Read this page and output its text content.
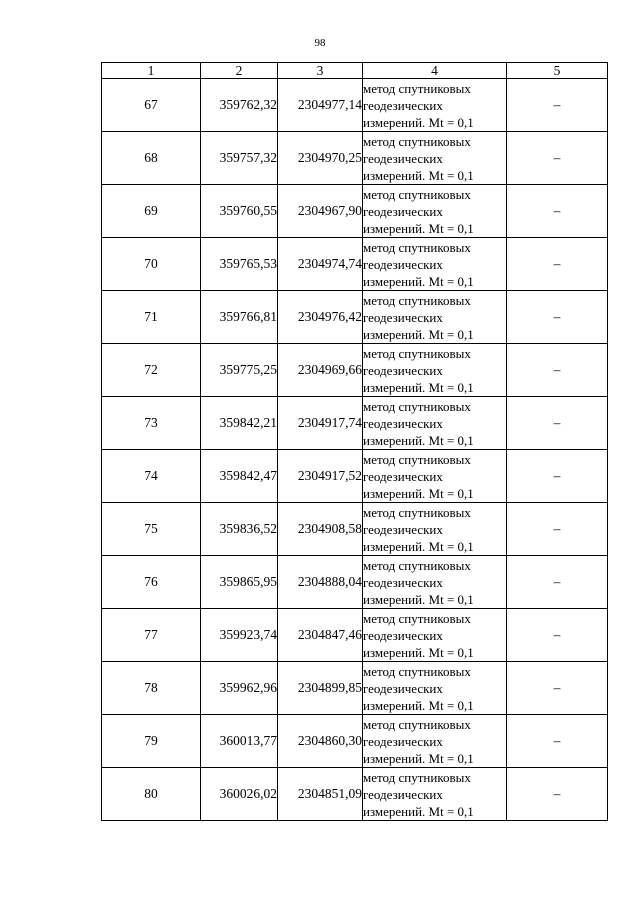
98
1	2	3	4	5
67	359762,32	2304977,14	метод спутниковых
геодезических
измерений. Mt = 0,1	–
68	359757,32	2304970,25	метод спутниковых
геодезических
измерений. Mt = 0,1	–
69	359760,55	2304967,90	метод спутниковых
геодезических
измерений. Mt = 0,1	–
70	359765,53	2304974,74	метод спутниковых
геодезических
измерений. Mt = 0,1	–
71	359766,81	2304976,42	метод спутниковых
геодезических
измерений. Mt = 0,1	–
72	359775,25	2304969,66	метод спутниковых
геодезических
измерений. Mt = 0,1	–
73	359842,21	2304917,74	метод спутниковых
геодезических
измерений. Mt = 0,1	–
74	359842,47	2304917,52	метод спутниковых
геодезических
измерений. Mt = 0,1	–
75	359836,52	2304908,58	метод спутниковых
геодезических
измерений. Mt = 0,1	–
76	359865,95	2304888,04	метод спутниковых
геодезических
измерений. Mt = 0,1	–
77	359923,74	2304847,46	метод спутниковых
геодезических
измерений. Mt = 0,1	–
78	359962,96	2304899,85	метод спутниковых
геодезических
измерений. Mt = 0,1	–
79	360013,77	2304860,30	метод спутниковых
геодезических
измерений. Mt = 0,1	–
80	360026,02	2304851,09	метод спутниковых
геодезических
измерений. Mt = 0,1	–
